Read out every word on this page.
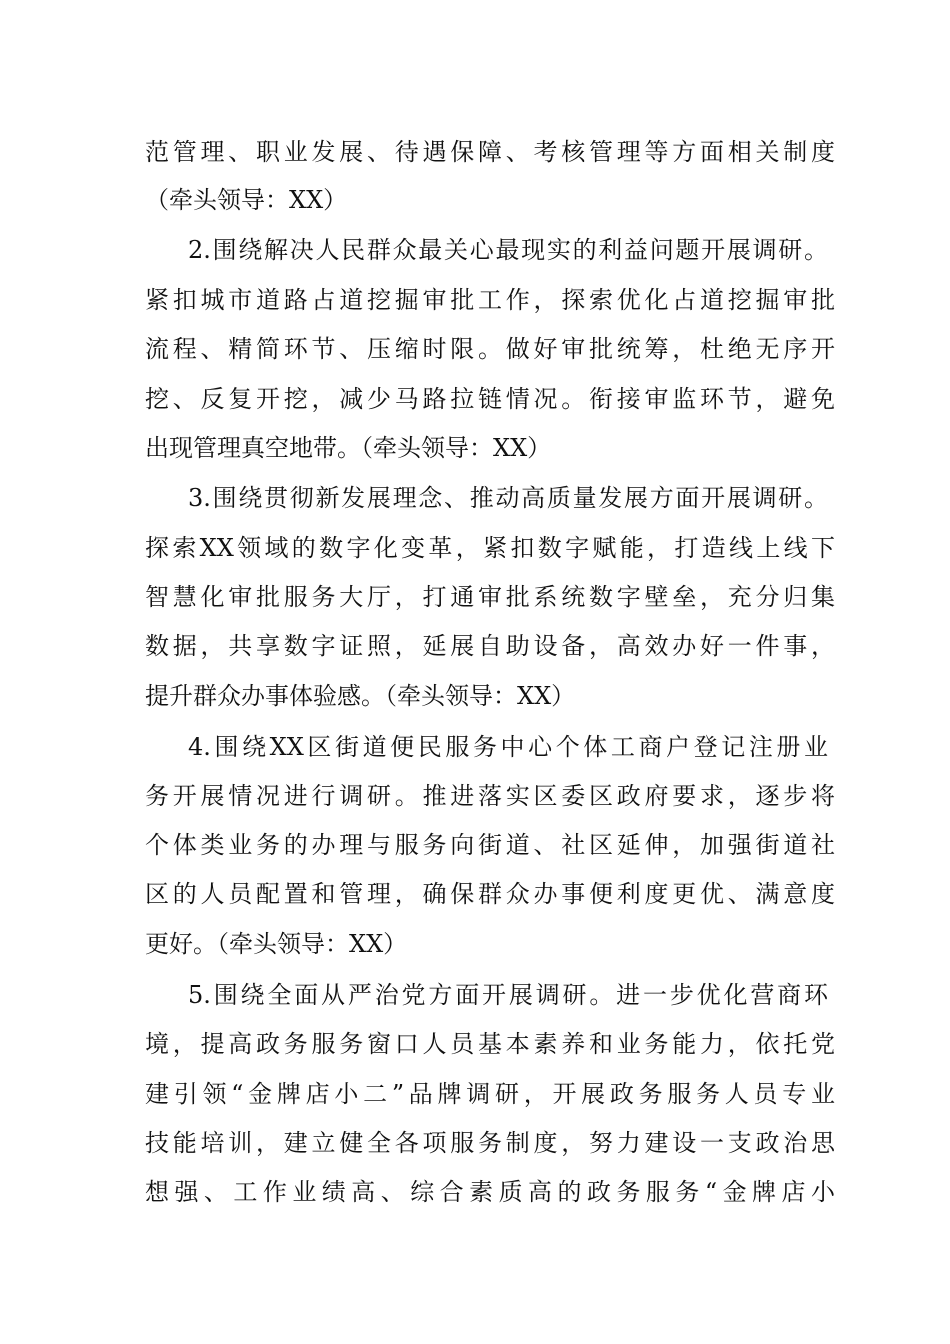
范管理、职业发展、待遇保障、考核管理等方面相关制度
（牵头领导：XX）
2.围绕解决人民群众最关心最现实的利益问题开展调研。
紧扣城市道路占道挖掘审批工作，探索优化占道挖掘审批
流程、精简环节、压缩时限。做好审批统筹，杜绝无序开
挖、反复开挖，减少马路拉链情况。衔接审监环节，避免
出现管理真空地带。（牵头领导：XX）
3.围绕贯彻新发展理念、推动高质量发展方面开展调研。
探索XX领域的数字化变革，紧扣数字赋能，打造线上线下
智慧化审批服务大厅，打通审批系统数字壁垒，充分归集
数据，共享数字证照，延展自助设备，高效办好一件事，
提升群众办事体验感。（牵头领导：XX）
4.围绕XX区街道便民服务中心个体工商户登记注册业
务开展情况进行调研。推进落实区委区政府要求，逐步将
个体类业务的办理与服务向街道、社区延伸，加强街道社
区的人员配置和管理，确保群众办事便利度更优、满意度
更好。（牵头领导：XX）
5.围绕全面从严治党方面开展调研。进一步优化营商环
境，提高政务服务窗口人员基本素养和业务能力，依托党
建引领“金牌店小二”品牌调研，开展政务服务人员专业
技能培训，建立健全各项服务制度，努力建设一支政治思
想强、工作业绩高、综合素质高的政务服务“金牌店小
